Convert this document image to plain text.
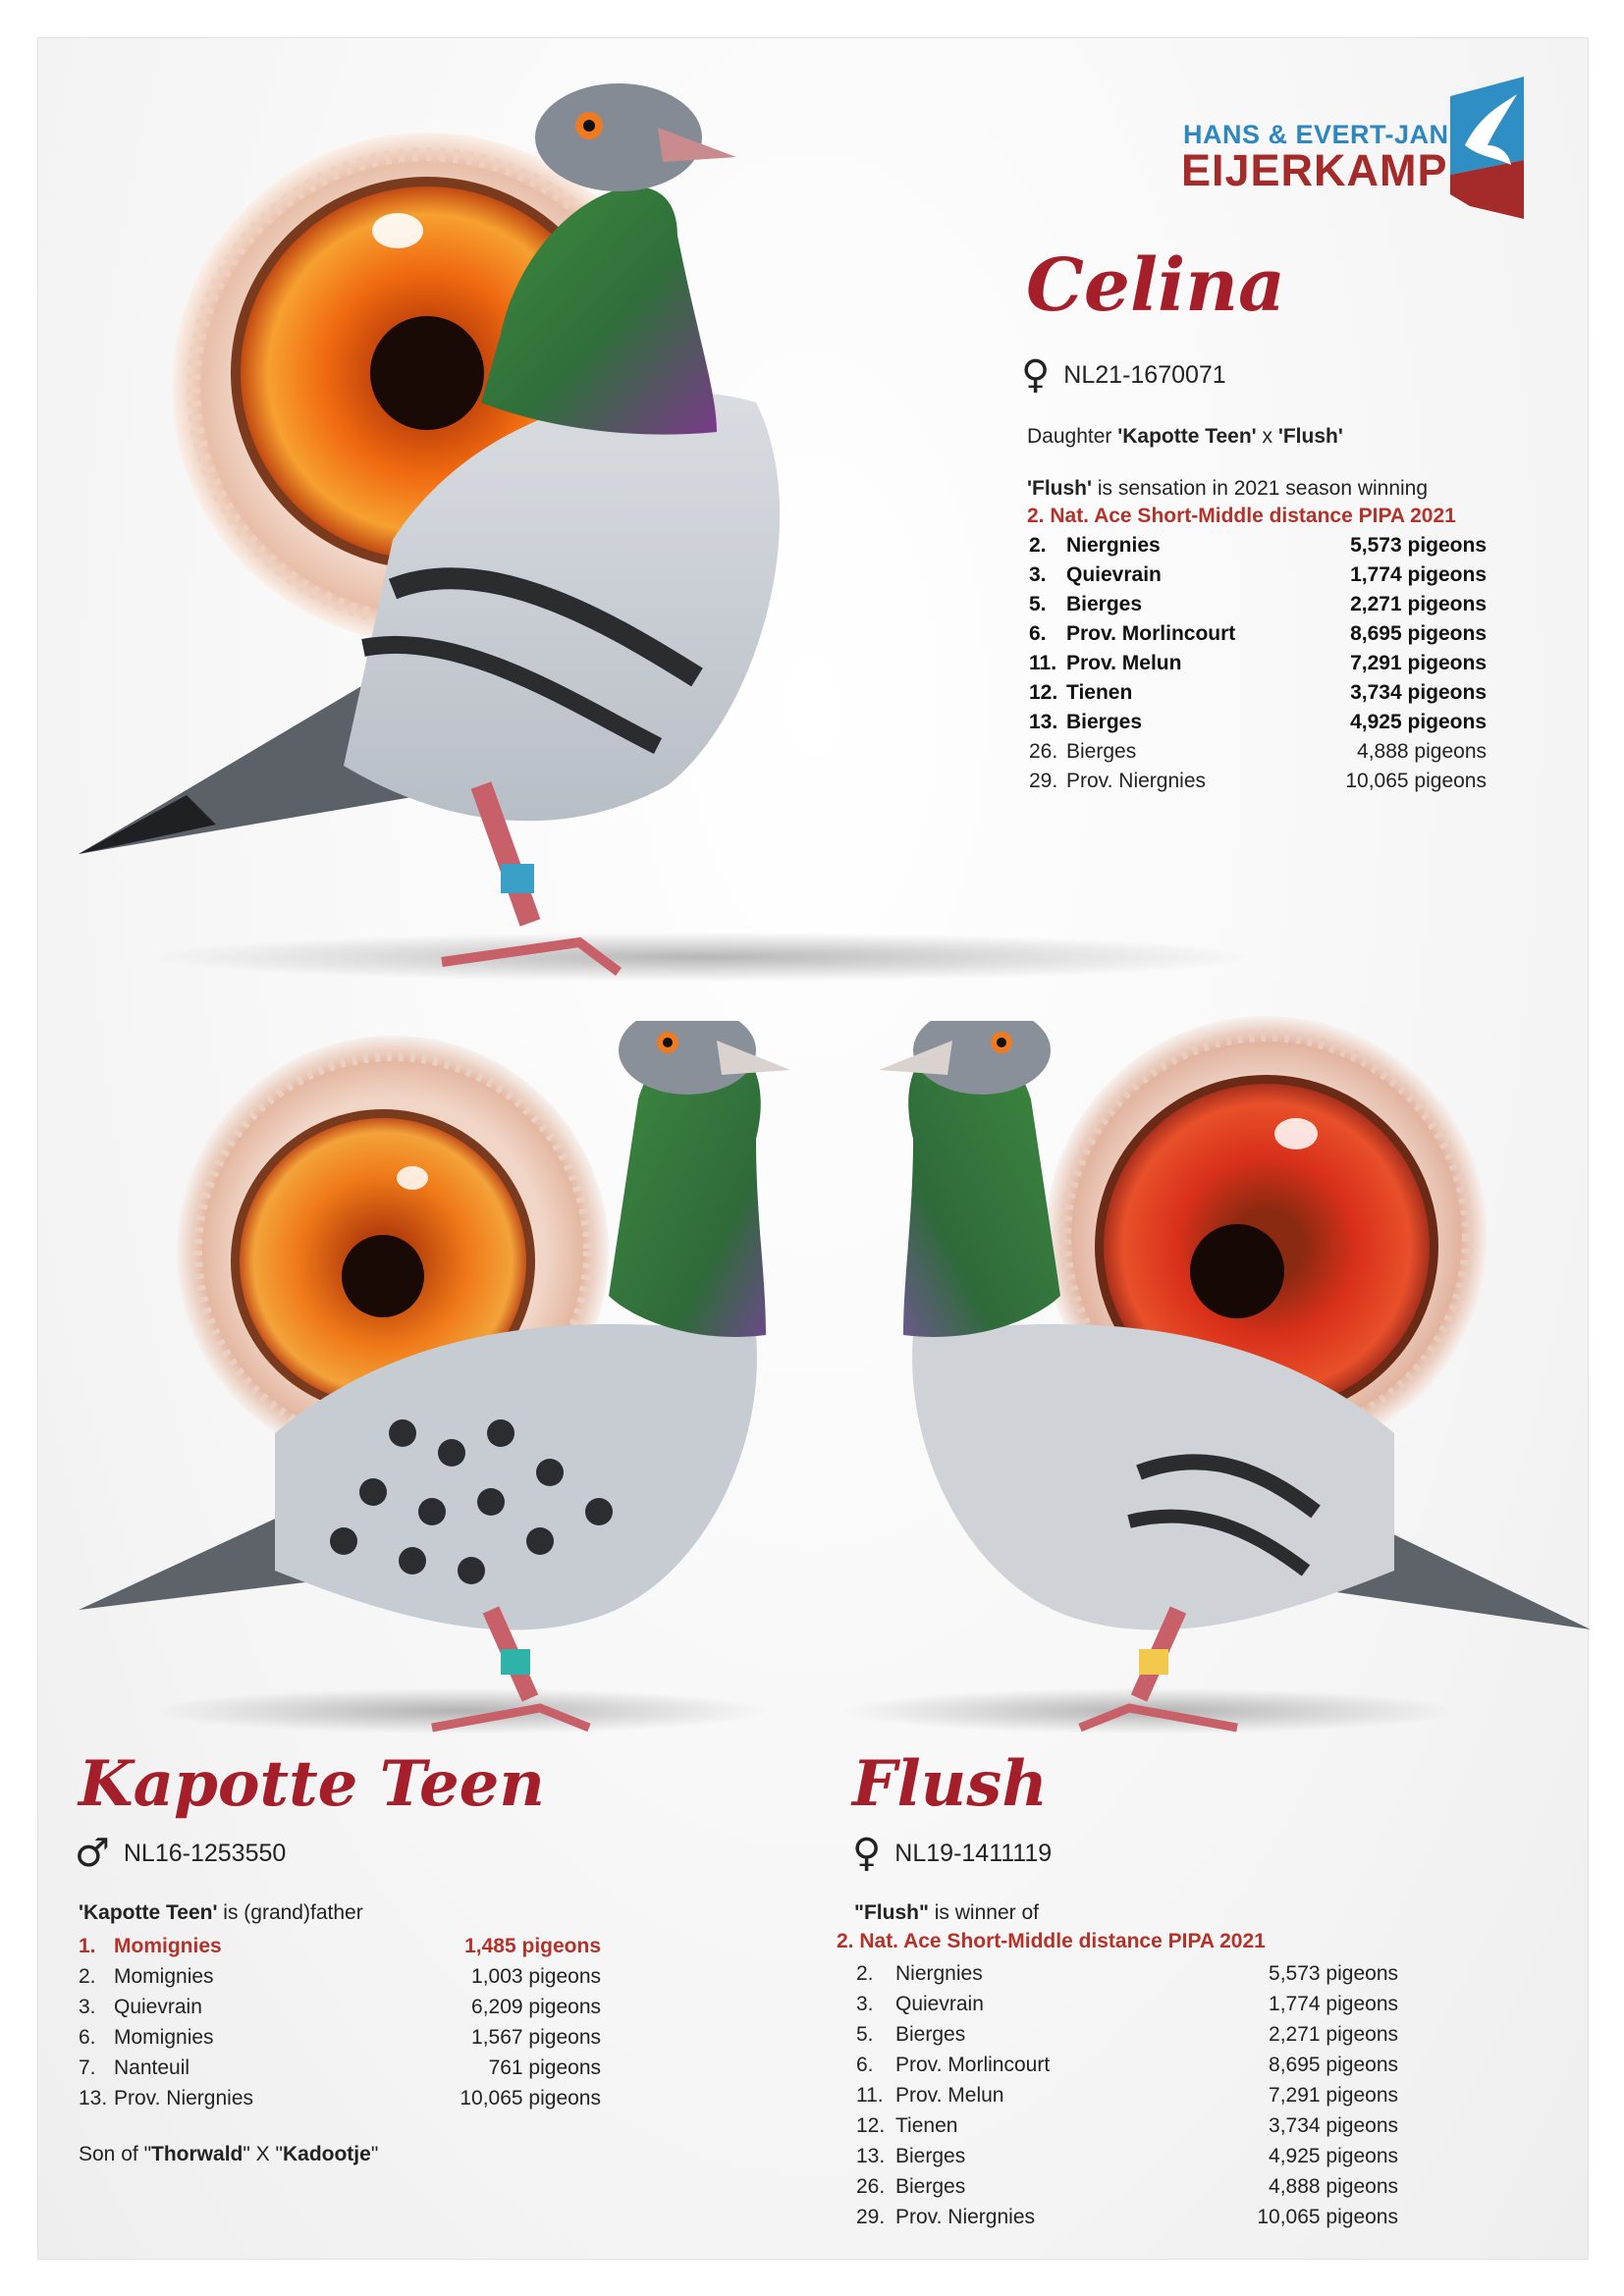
HANS & EVERT-JAN
EIJERKAMP
Celina
♀ NL21-1670071
Daughter 'Kapotte Teen' x 'Flush'
'Flush' is sensation in 2021 season winning
2. Nat. Ace Short-Middle distance PIPA 2021
2. Niergnies	5,573 pigeons
3. Quievrain	1,774 pigeons
5. Bierges	2,271 pigeons
6. Prov. Morlincourt	8,695 pigeons
11. Prov. Melun	7,291 pigeons
12. Tienen	3,734 pigeons
13. Bierges	4,925 pigeons
26. Bierges	4,888 pigeons
29. Prov. Niergnies	10,065 pigeons
Kapotte Teen
♂ NL16-1253550
'Kapotte Teen' is (grand)father
1. Momignies	1,485 pigeons
2. Momignies	1,003 pigeons
3. Quievrain	6,209 pigeons
6. Momignies	1,567 pigeons
7. Nanteuil	761 pigeons
13. Prov. Niergnies	10,065 pigeons
Son of "Thorwald" X "Kadootje"
Flush
♀ NL19-1411119
"Flush" is winner of
2. Nat. Ace Short-Middle distance PIPA 2021
2.	Niergnies	5,573 pigeons
3.	Quievrain	1,774 pigeons
5.	Bierges	2,271 pigeons
6.	Prov. Morlincourt	8,695 pigeons
11. Prov. Melun	7,291 pigeons
12. Tienen	3,734 pigeons
13. Bierges	4,925 pigeons
26. Bierges	4,888 pigeons
29. Prov. Niergnies	10,065 pigeons
